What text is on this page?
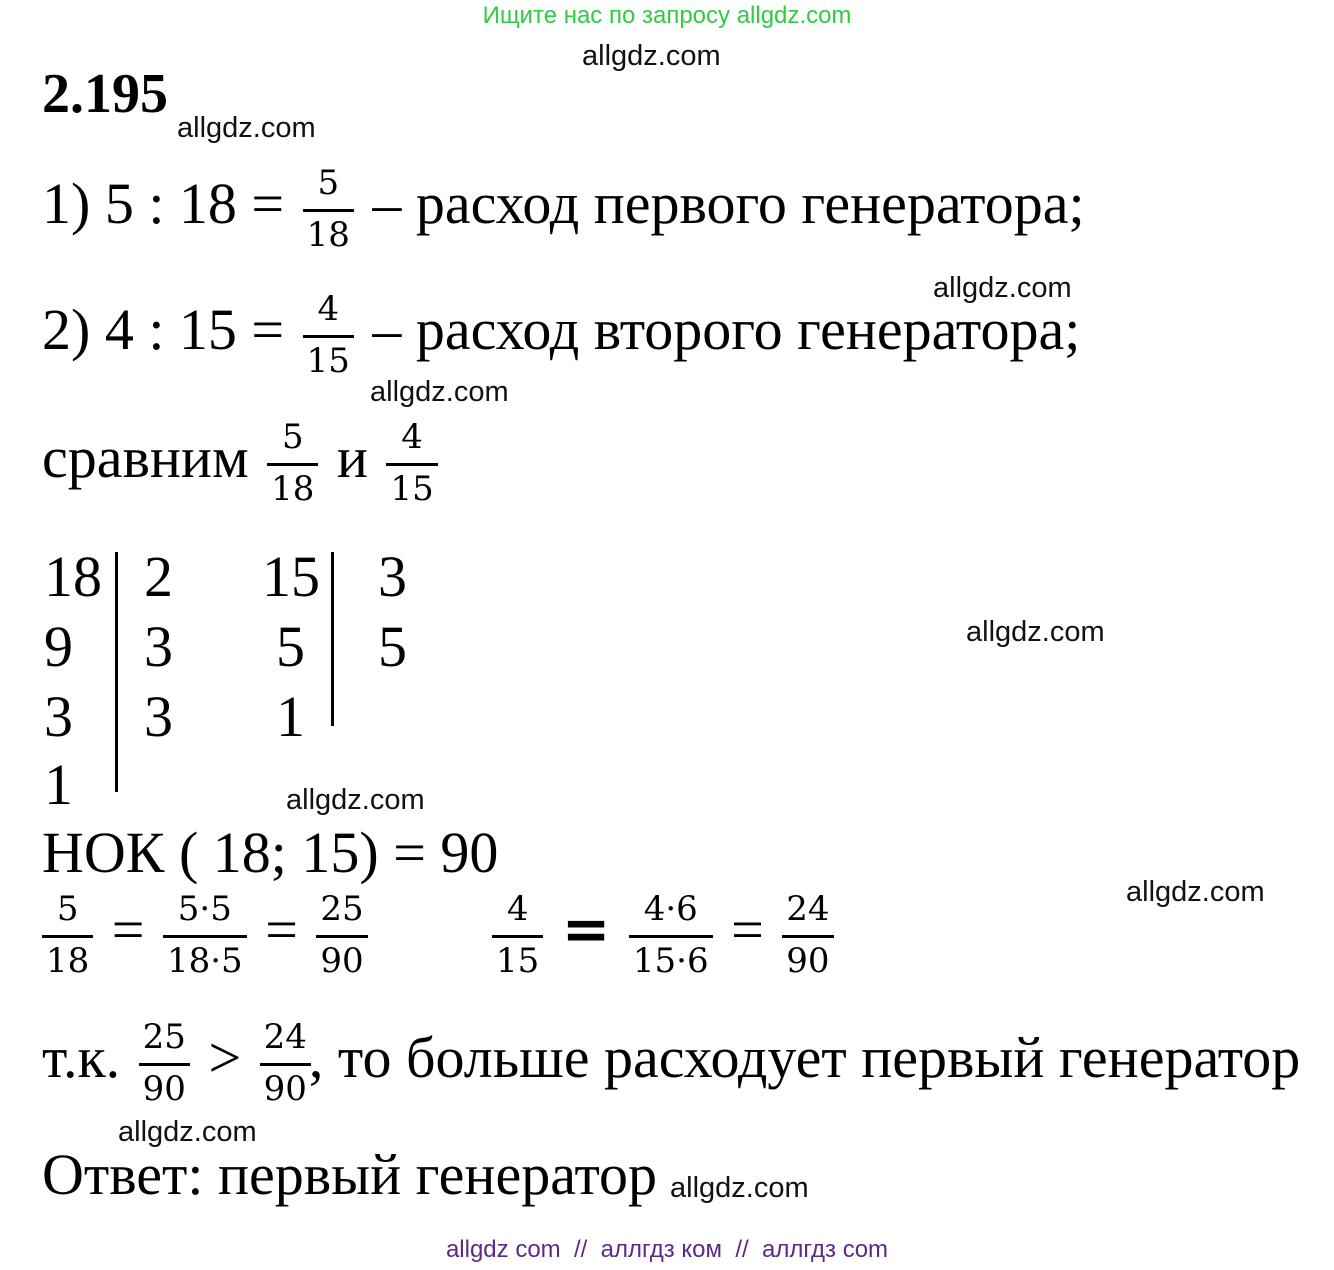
Ищите нас по запросу allgdz.com
allgdz.com
2.195
allgdz.com
1) 5 : $18 = \frac{5}{18}$ – расход первого генератора;
allgdz.com
2) 4 : $15 = \frac{4}{15}$ – расход второго генератора;
allgdz.com
сравним $\frac{5}{18}$ и $\frac{4}{15}$
18
9
3
1
2
3
3
15
5
1
3
5	allgdz.com
allgdz.com
НОК ( 18; 15) = 90
allgdz.com
$\frac{5}{18} = \frac{5\cdot 5}{18\cdot 5} = \frac{25}{90}$	$\frac{4}{15} = \frac{4\cdot 6}{15\cdot 6} = \frac{24}{90}$
т.к. $\frac{25}{90} > \frac{24}{90}$
, то больше расходует первый генератор
allgdz.com
Ответ: первый генератор allgdz.com
allgdz com  //  аллгдз ком  //  аллгдз com
